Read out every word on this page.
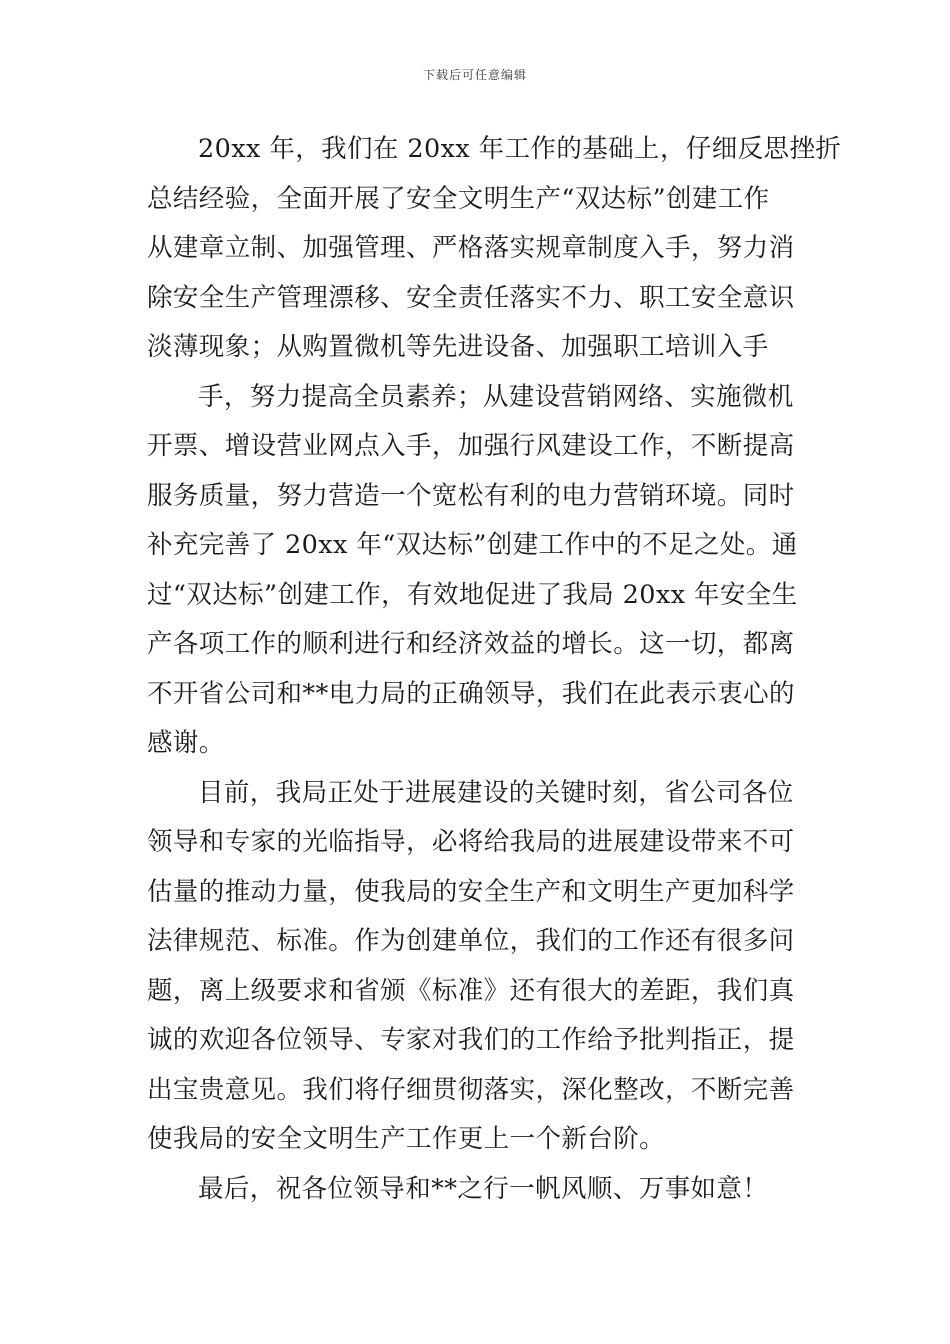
下载后可任意编辑
20xx 年，我们在 20xx 年工作的基础上，仔细反思挫折
总结经验，全面开展了安全文明生产“双达标”创建工作
从建章立制、加强管理、严格落实规章制度入手，努力消
除安全生产管理漂移、安全责任落实不力、职工安全意识
淡薄现象；从购置微机等先进设备、加强职工培训入手
手，努力提高全员素养；从建设营销网络、实施微机
开票、增设营业网点入手，加强行风建设工作，不断提高
服务质量，努力营造一个宽松有利的电力营销环境。同时
补充完善了 20xx 年“双达标”创建工作中的不足之处。通
过“双达标”创建工作，有效地促进了我局 20xx 年安全生
产各项工作的顺利进行和经济效益的增长。这一切，都离
不开省公司和**电力局的正确领导，我们在此表示衷心的
感谢。
目前，我局正处于进展建设的关键时刻，省公司各位
领导和专家的光临指导，必将给我局的进展建设带来不可
估量的推动力量，使我局的安全生产和文明生产更加科学
法律规范、标准。作为创建单位，我们的工作还有很多问
题，离上级要求和省颁《标准》还有很大的差距，我们真
诚的欢迎各位领导、专家对我们的工作给予批判指正，提
出宝贵意见。我们将仔细贯彻落实，深化整改，不断完善
使我局的安全文明生产工作更上一个新台阶。
最后，祝各位领导和**之行一帆风顺、万事如意！
